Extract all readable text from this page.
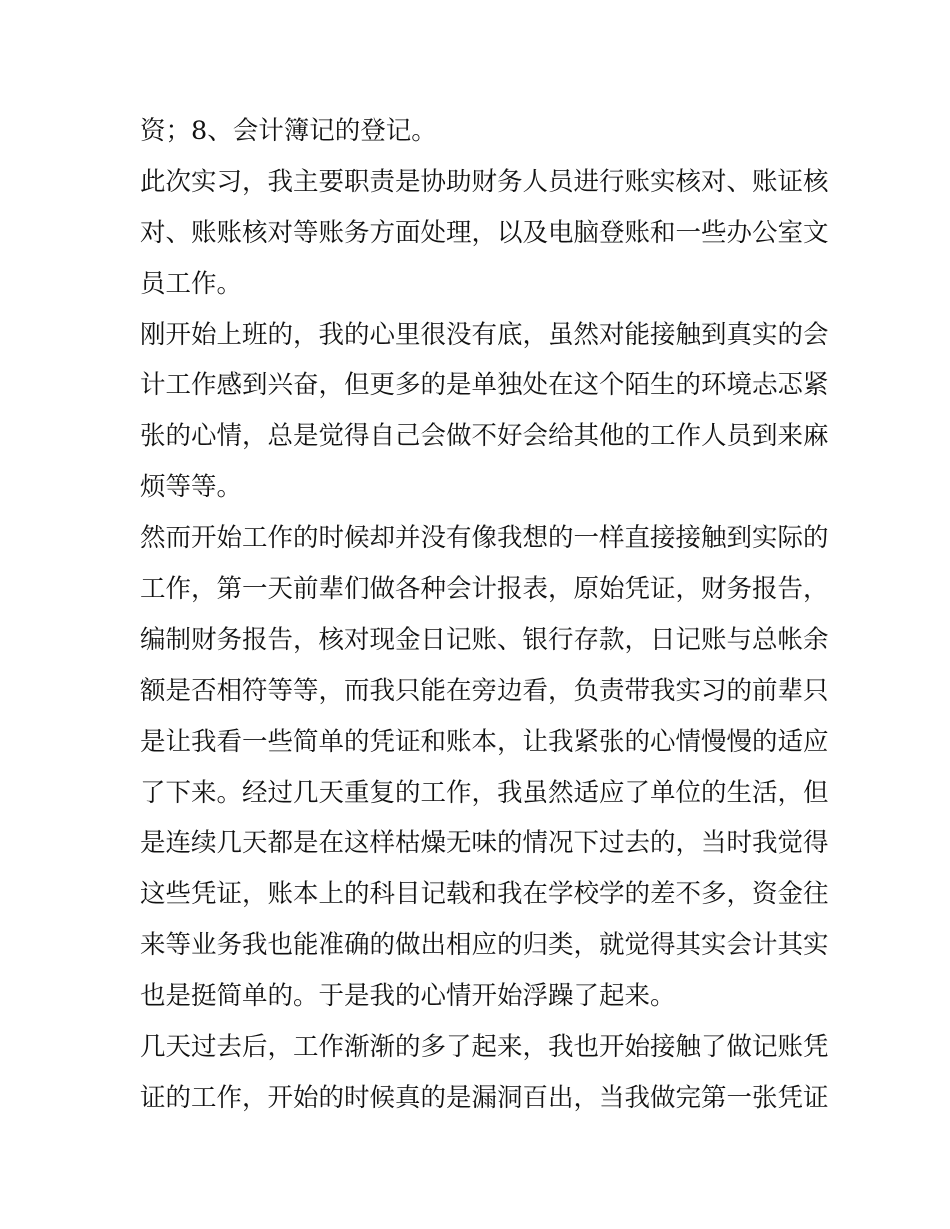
资；8、会计簿记的登记。
此次实习，我主要职责是协助财务人员进行账实核对、账证核
对、账账核对等账务方面处理，以及电脑登账和一些办公室文
员工作。
刚开始上班的，我的心里很没有底，虽然对能接触到真实的会
计工作感到兴奋，但更多的是单独处在这个陌生的环境忐忑紧
张的心情，总是觉得自己会做不好会给其他的工作人员到来麻
烦等等。
然而开始工作的时候却并没有像我想的一样直接接触到实际的
工作，第一天前辈们做各种会计报表，原始凭证，财务报告，
编制财务报告，核对现金日记账、银行存款，日记账与总帐余
额是否相符等等，而我只能在旁边看，负责带我实习的前辈只
是让我看一些简单的凭证和账本，让我紧张的心情慢慢的适应
了下来。经过几天重复的工作，我虽然适应了单位的生活，但
是连续几天都是在这样枯燥无味的情况下过去的，当时我觉得
这些凭证，账本上的科目记载和我在学校学的差不多，资金往
来等业务我也能准确的做出相应的归类，就觉得其实会计其实
也是挺简单的。于是我的心情开始浮躁了起来。
几天过去后，工作渐渐的多了起来，我也开始接触了做记账凭
证的工作，开始的时候真的是漏洞百出，当我做完第一张凭证
